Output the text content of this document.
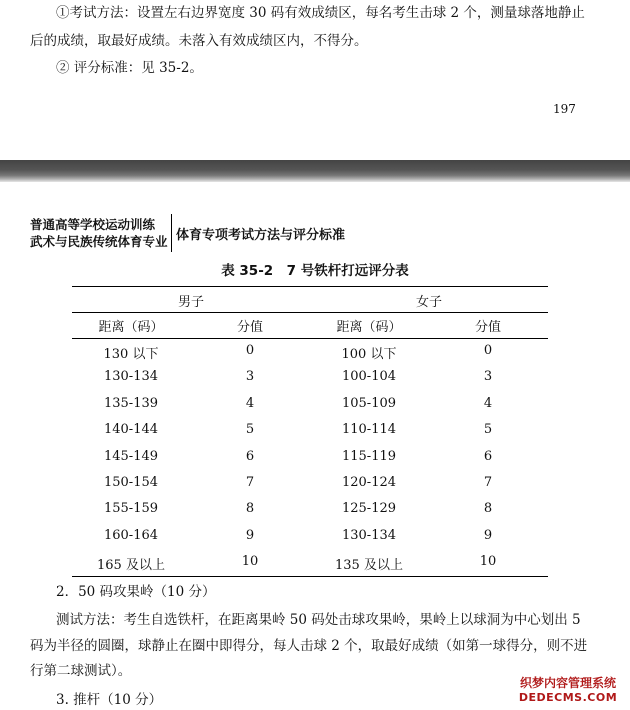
①考试方法：设置左右边界宽度 30 码有效成绩区，每名考生击球 2 个，测量球落地静止
后的成绩，取最好成绩。未落入有效成绩区内，不得分。
② 评分标准：见 35-2。
197
普通高等学校运动训练
武术与民族传统体育专业 体育专项考试方法与评分标准
表 35-2　7 号铁杆打远评分表
男子	女子
距离（码）	分值	距离（码）	分值
130 以下	0	100 以下	0
130-134	3	100-104	3
135-139	4	105-109	4
140-144	5	110-114	5
145-149	6	115-119	6
150-154	7	120-124	7
155-159	8	125-129	8
160-164	9	130-134	9
165 及以上	10	135 及以上	10
2．50 码攻果岭（10 分）
测试方法：考生自选铁杆，在距离果岭 50 码处击球攻果岭，果岭上以球洞为中心划出 5
码为半径的圆圈，球静止在圈中即得分，每人击球 2 个，取最好成绩（如第一球得分，则不进
行第二球测试）。
3. 推杆（10 分）
织梦内容管理系统
DEDECMS.COM
